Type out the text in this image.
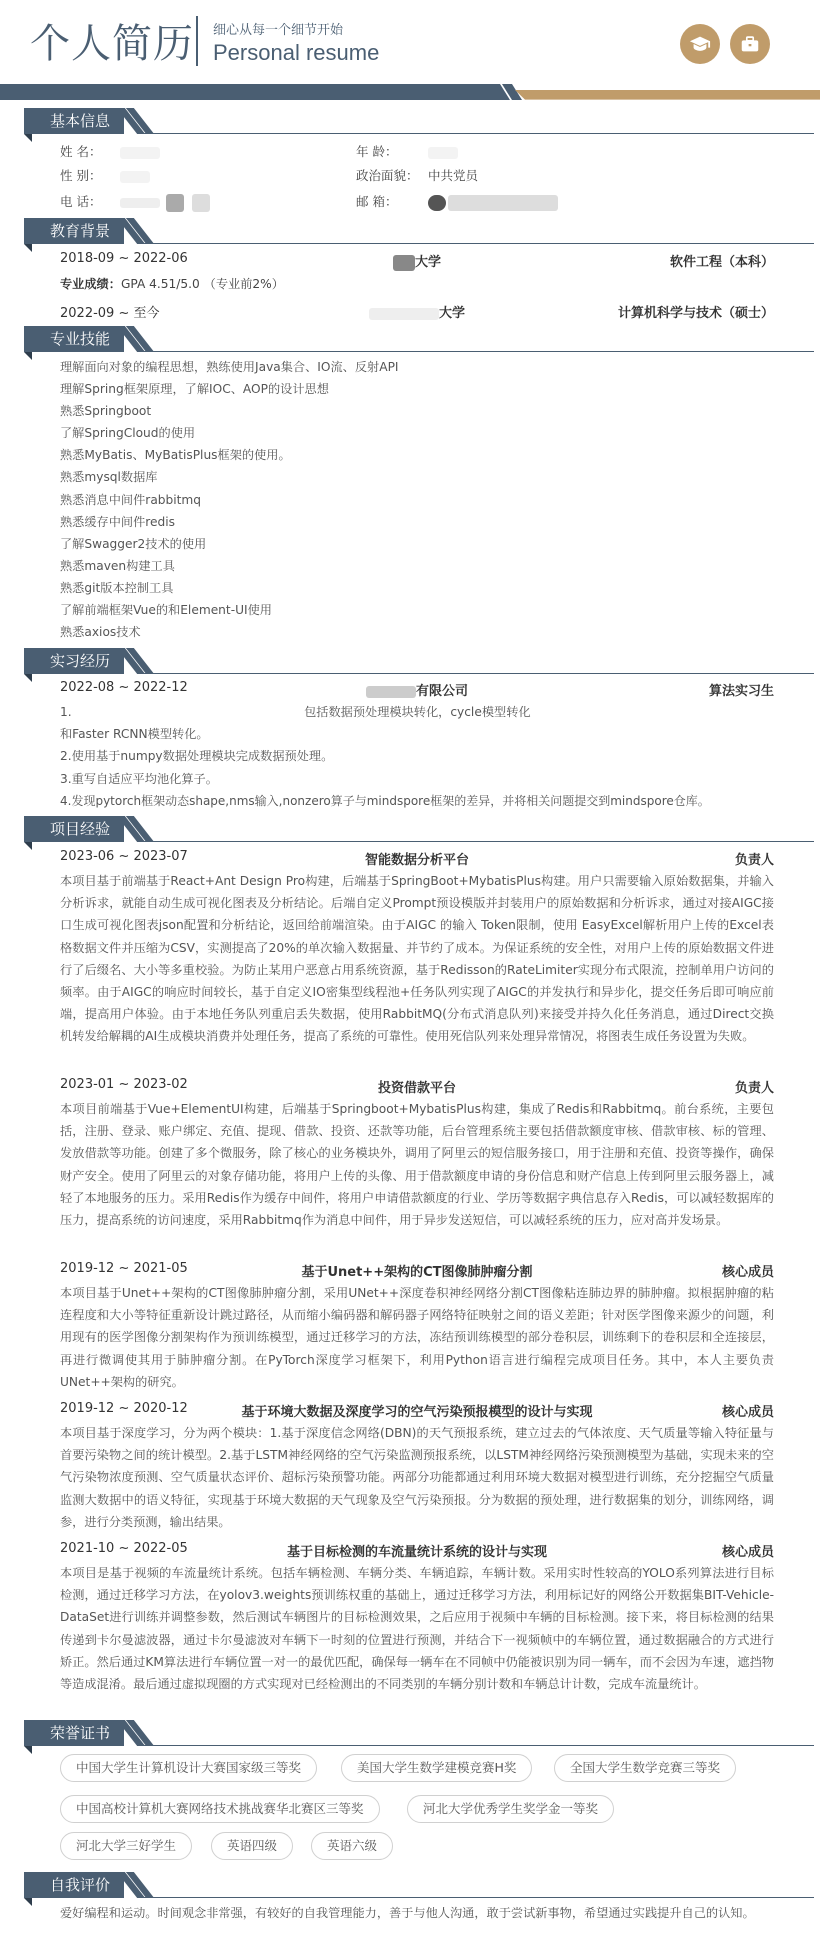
个人简历 细心从每一个细节开始
Personal resume
基本信息
姓 名：	年 龄：
性 别：	政治面貌： 中共党员
电 话：	邮 箱：
教育背景
2018-09 ~ 2022-06	大学	软件工程（本科）
专业成绩：GPA 4.51/5.0 （专业前2%）
2022-09 ~ 至今	大学	计算机科学与技术（硕士）
专业技能
理解面向对象的编程思想，熟练使用Java集合、IO流、反射API
理解Spring框架原理，了解IOC、AOP的设计思想
熟悉Springboot
了解SpringCloud的使用
熟悉MyBatis、MyBatisPlus框架的使用。
熟悉mysql数据库
熟悉消息中间件rabbitmq
熟悉缓存中间件redis
了解Swagger2技术的使用
熟悉maven构建工具
熟悉git版本控制工具
了解前端框架Vue的和Element-UI使用
熟悉axios技术
实习经历
2022-08 ~ 2022-12	有限公司	算法实习生
1.                                                            包括数据预处理模块转化，cycle模型转化
和Faster RCNN模型转化。
2.使用基于numpy数据处理模块完成数据预处理。
3.重写自适应平均池化算子。
4.发现pytorch框架动态shape,nms输入,nonzero算子与mindspore框架的差异，并将相关问题提交到mindspore仓库。
项目经验
2023-06 ~ 2023-07	智能数据分析平台	负责人
本项目基于前端基于React+Ant Design Pro构建，后端基于SpringBoot+MybatisPlus构建。用户只需要输入原始数据集，并输入分析诉求，就能自动生成可视化图表及分析结论。后端自定义Prompt预设模版并封装用户的原始数据和分析诉求，通过对接AIGC接口生成可视化图表json配置和分析结论，返回给前端渲染。由于AIGC 的输入 Token限制，使用 EasyExcel解析用户上传的Excel表格数据文件并压缩为CSV，实测提高了20%的单次输入数据量、并节约了成本。为保证系统的安全性，对用户上传的原始数据文件进行了后缀名、大小等多重校验。为防止某用户恶意占用系统资源，基于Redisson的RateLimiter实现分布式限流，控制单用户访问的频率。由于AIGC的响应时间较长，基于自定义IO密集型线程池+任务队列实现了AIGC的并发执行和异步化，提交任务后即可响应前端，提高用户体验。由于本地任务队列重启丢失数据，使用RabbitMQ(分布式消息队列)来接受并持久化任务消息，通过Direct交换机转发给解耦的AI生成模块消费并处理任务，提高了系统的可靠性。使用死信队列来处理异常情况，将图表生成任务设置为失败。
2023-01 ~ 2023-02	投资借款平台	负责人
本项目前端基于Vue+ElementUI构建，后端基于Springboot+MybatisPlus构建，集成了Redis和Rabbitmq。前台系统，主要包括，注册、登录、账户绑定、充值、提现、借款、投资、还款等功能，后台管理系统主要包括借款额度审核、借款审核、标的管理、发放借款等功能。创建了多个微服务，除了核心的业务模块外，调用了阿里云的短信服务接口，用于注册和充值、投资等操作，确保财产安全。使用了阿里云的对象存储功能，将用户上传的头像、用于借款额度申请的身份信息和财产信息上传到阿里云服务器上，减轻了本地服务的压力。采用Redis作为缓存中间件，将用户申请借款额度的行业、学历等数据字典信息存入Redis，可以减轻数据库的压力，提高系统的访问速度，采用Rabbitmq作为消息中间件，用于异步发送短信，可以减轻系统的压力，应对高并发场景。
2019-12 ~ 2021-05	基于Unet++架构的CT图像肺肿瘤分割	核心成员
本项目基于Unet++架构的CT图像肺肿瘤分割，采用UNet++深度卷积神经网络分割CT图像粘连肺边界的肺肿瘤。拟根据肿瘤的粘连程度和大小等特征重新设计跳过路径，从而缩小编码器和解码器子网络特征映射之间的语义差距；针对医学图像来源少的问题，利用现有的医学图像分割架构作为预训练模型，通过迁移学习的方法，冻结预训练模型的部分卷积层，训练剩下的卷积层和全连接层，再进行微调使其用于肺肿瘤分割。在PyTorch深度学习框架下，利用Python语言进行编程完成项目任务。其中，本人主要负责UNet++架构的研究。
2019-12 ~ 2020-12	基于环境大数据及深度学习的空气污染预报模型的设计与实现	核心成员
本项目基于深度学习，分为两个模块：1.基于深度信念网络(DBN)的天气预报系统，建立过去的气体浓度、天气质量等输入特征量与首要污染物之间的统计模型。2.基于LSTM神经网络的空气污染监测预报系统，以LSTM神经网络污染预测模型为基础，实现未来的空气污染物浓度预测、空气质量状态评价、超标污染预警功能。两部分功能都通过利用环境大数据对模型进行训练，充分挖掘空气质量监测大数据中的语义特征，实现基于环境大数据的天气现象及空气污染预报。分为数据的预处理，进行数据集的划分，训练网络，调参，进行分类预测，输出结果。
2021-10 ~ 2022-05	基于目标检测的车流量统计系统的设计与实现	核心成员
本项目是基于视频的车流量统计系统。包括车辆检测、车辆分类、车辆追踪，车辆计数。采用实时性较高的YOLO系列算法进行目标检测，通过迁移学习方法，在yolov3.weights预训练权重的基础上，通过迁移学习方法，利用标记好的网络公开数据集BIT-Vehicle-DataSet进行训练并调整参数，然后测试车辆图片的目标检测效果，之后应用于视频中车辆的目标检测。接下来，将目标检测的结果传递到卡尔曼滤波器，通过卡尔曼滤波对车辆下一时刻的位置进行预测，并结合下一视频帧中的车辆位置，通过数据融合的方式进行矫正。然后通过KM算法进行车辆位置一对一的最优匹配，确保每一辆车在不同帧中仍能被识别为同一辆车，而不会因为车速，遮挡物等造成混淆。最后通过虚拟现圈的方式实现对已经检测出的不同类别的车辆分别计数和车辆总计计数，完成车流量统计。
荣誉证书
中国大学生计算机设计大赛国家级三等奖	美国大学生数学建模竞赛H奖	全国大学生数学竞赛三等奖
中国高校计算机大赛网络技术挑战赛华北赛区三等奖	河北大学优秀学生奖学金一等奖
河北大学三好学生	英语四级	英语六级
自我评价
爱好编程和运动。时间观念非常强，有较好的自我管理能力，善于与他人沟通，敢于尝试新事物，希望通过实践提升自己的认知。
